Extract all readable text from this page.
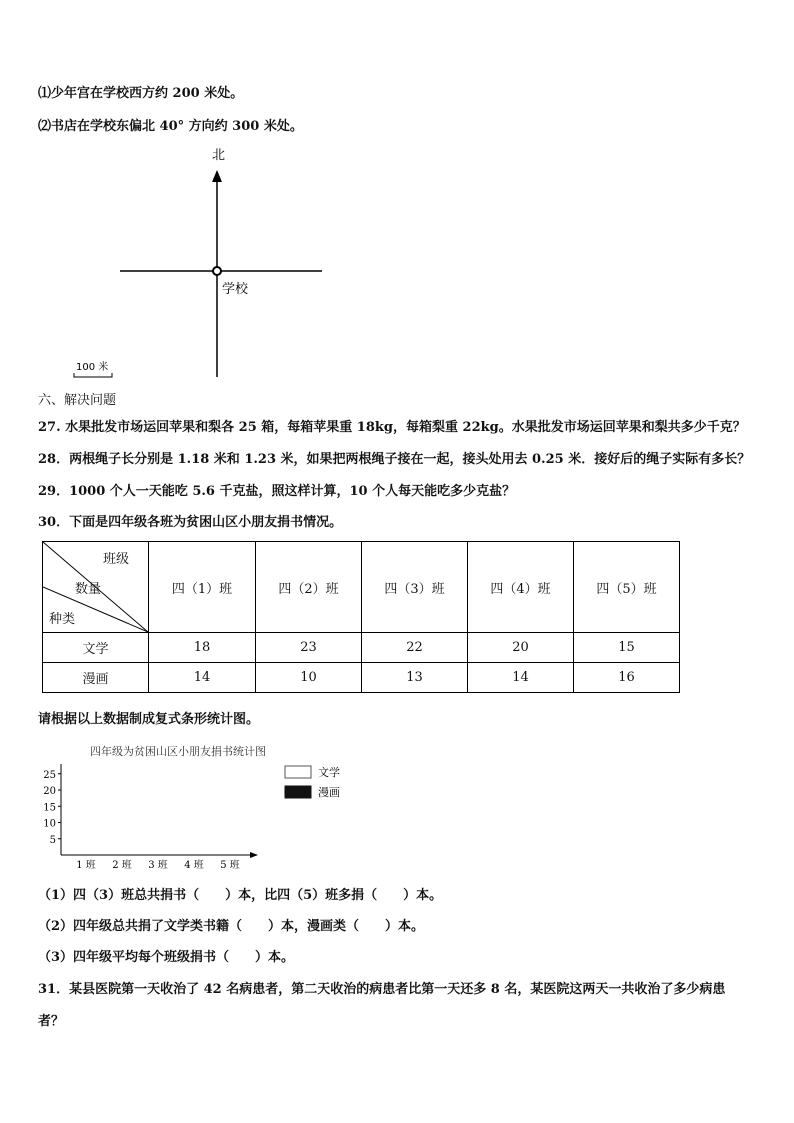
⑴少年宫在学校西方约 200 米处。
⑵书店在学校东偏北 40° 方向约 300 米处。
北
学校
100 米
六、解决问题
27. 水果批发市场运回苹果和梨各 25 箱，每箱苹果重 18kg，每箱梨重 22kg。水果批发市场运回苹果和梨共多少千克？
28．两根绳子长分别是 1.18 米和 1.23 米，如果把两根绳子接在一起，接头处用去 0.25 米．接好后的绳子实际有多长？
29．1000 个人一天能吃 5.6 千克盐，照这样计算，10 个人每天能吃多少克盐？
30．下面是四年级各班为贫困山区小朋友捐书情况。
班级
数量
种类	四（1）班	四（2）班	四（3）班	四（4）班	四（5）班
文学	18	23	22	20	15
漫画	14	10	13	14	16
请根据以上数据制成复式条形统计图。
四年级为贫困山区小朋友捐书统计图
文学
漫画
5
10
15
20
25
1 班 2 班 3 班 4 班 5 班
（1）四（3）班总共捐书（　　）本，比四（5）班多捐（　　）本。
（2）四年级总共捐了文学类书籍（　　）本，漫画类（　　）本。
（3）四年级平均每个班级捐书（　　）本。
31．某县医院第一天收治了 42 名病患者，第二天收治的病患者比第一天还多 8 名，某医院这两天一共收治了多少病患
者？
